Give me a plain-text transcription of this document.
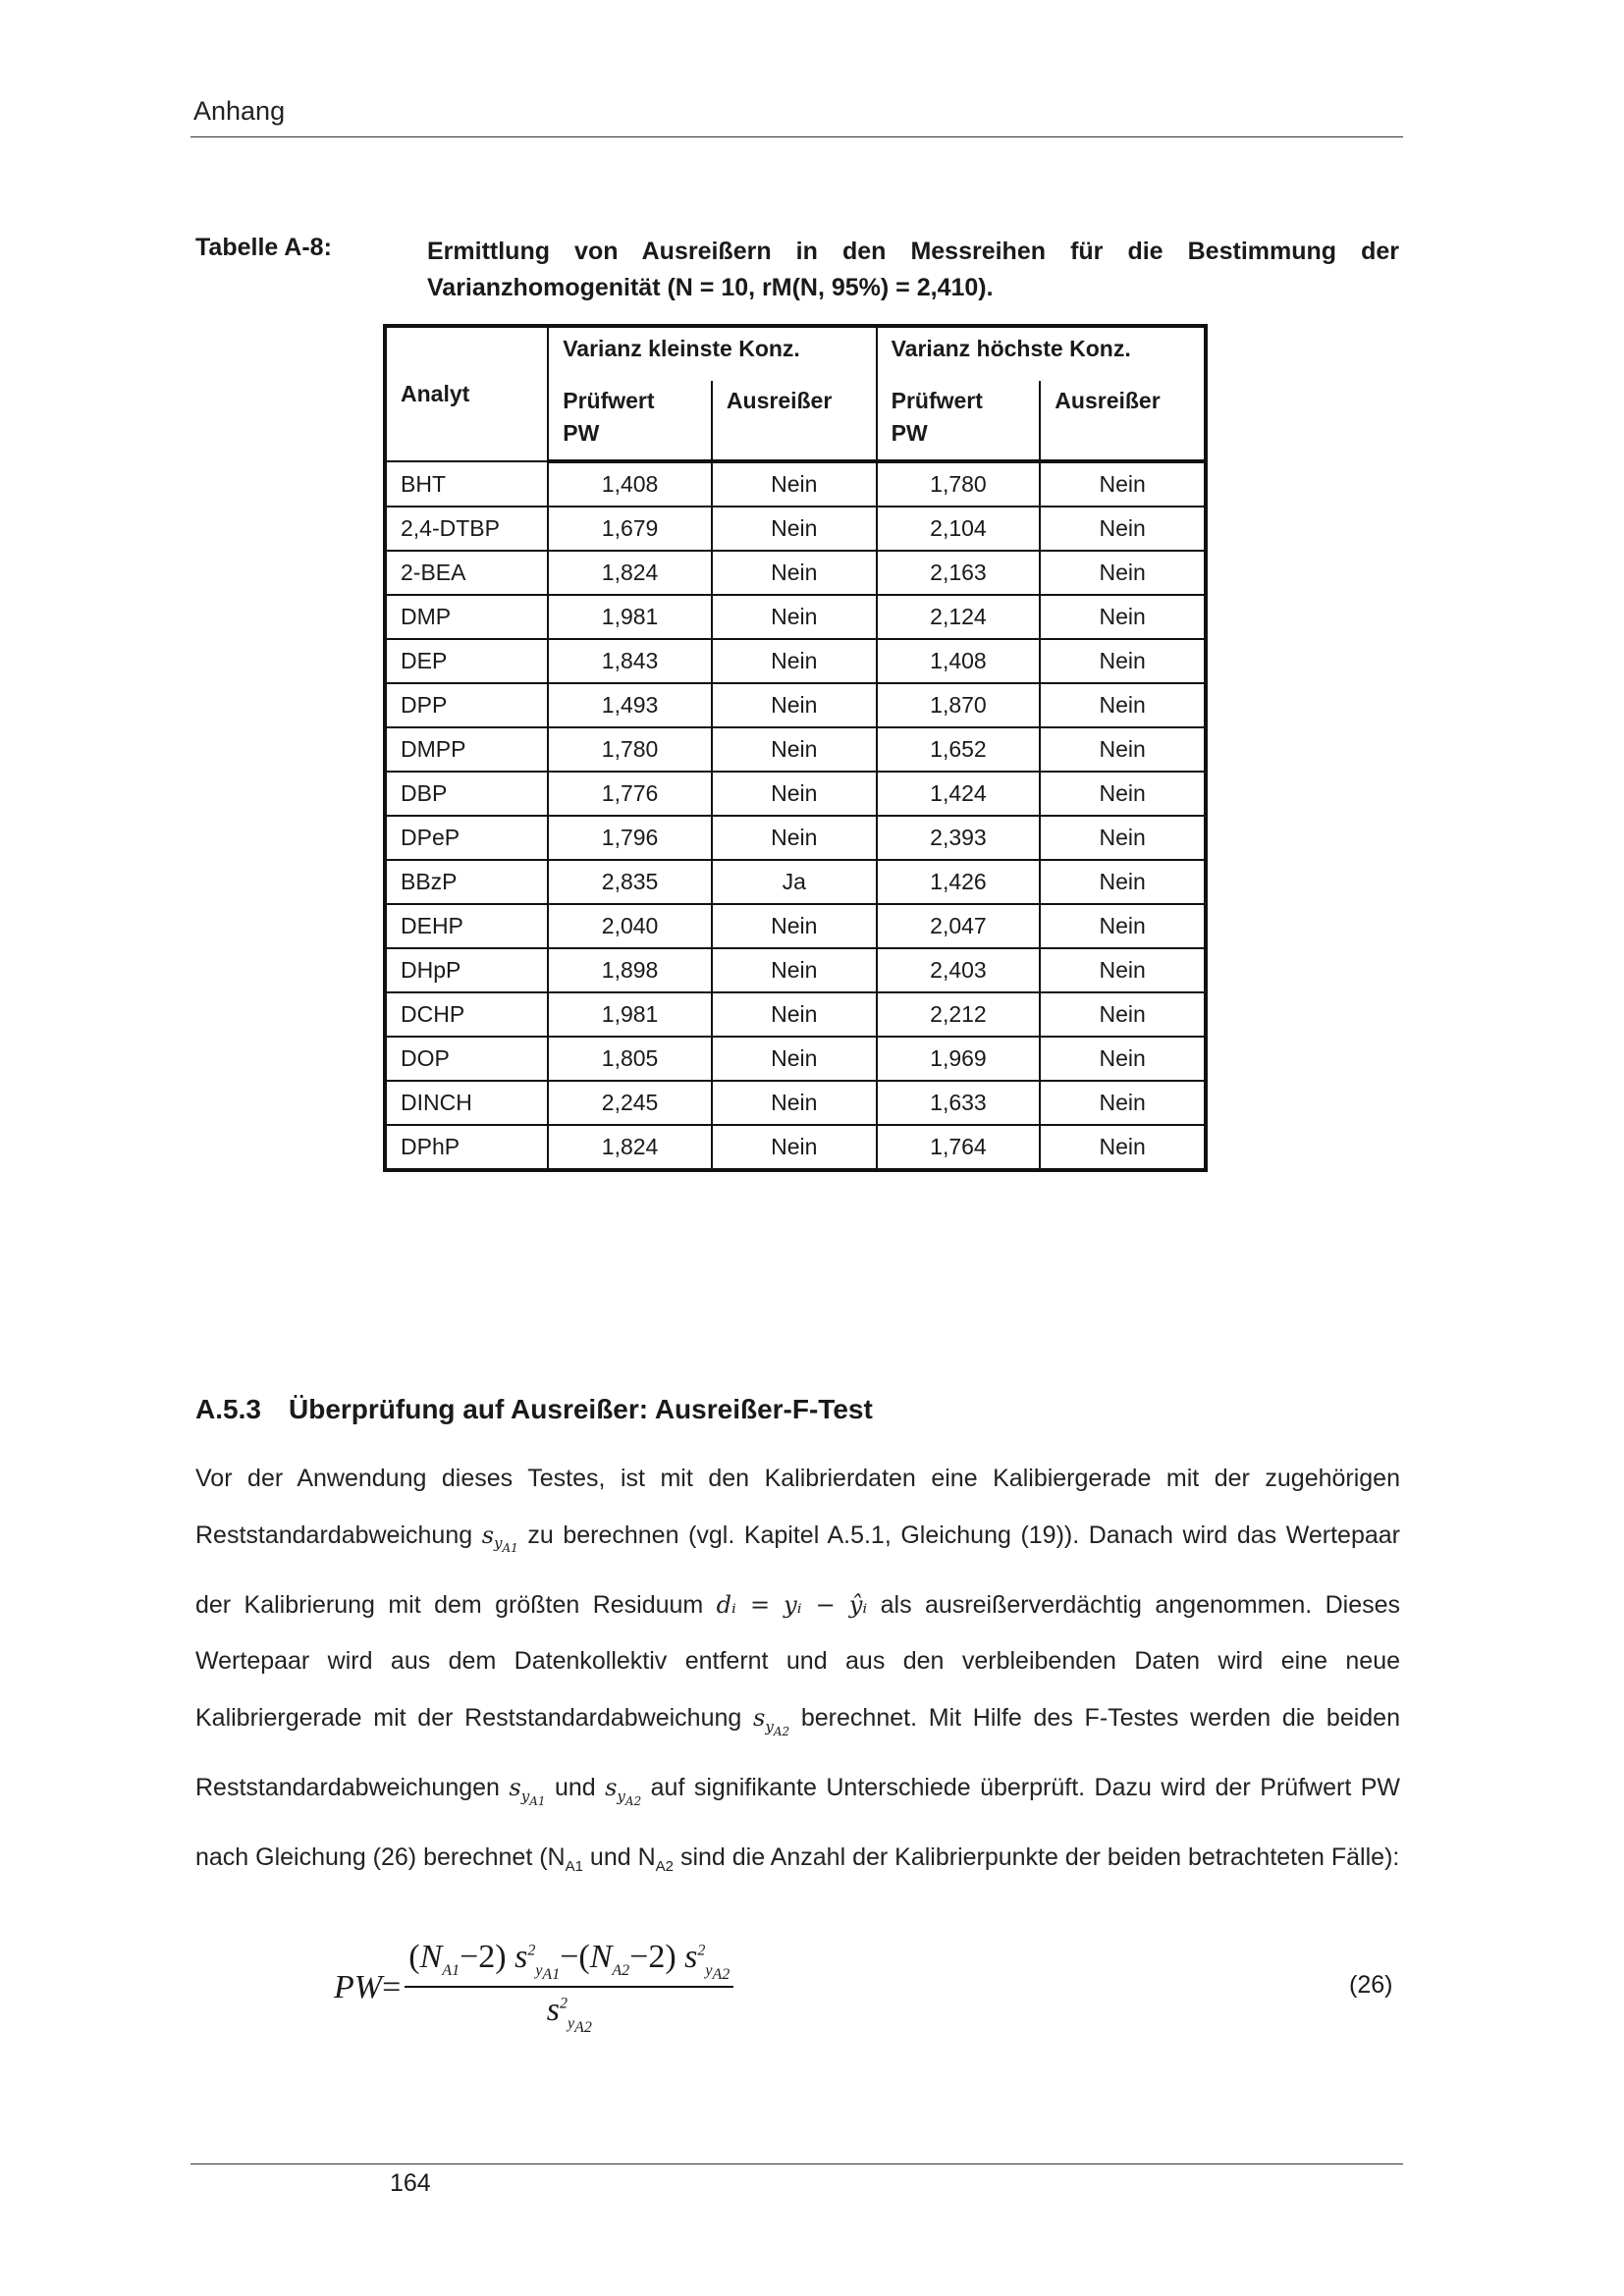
Anhang
Tabelle A-8:	Ermittlung von Ausreißern in den Messreihen für die Bestimmung der Varianzhomogenität (N = 10, rM(N, 95%) = 2,410).
Analyt	Varianz kleinste Konz.		Varianz höchste Konz.	
	Prüfwert PW	Ausreißer	Prüfwert PW	Ausreißer
BHT	1,408	Nein	1,780	Nein
2,4-DTBP	1,679	Nein	2,104	Nein
2-BEA	1,824	Nein	2,163	Nein
DMP	1,981	Nein	2,124	Nein
DEP	1,843	Nein	1,408	Nein
DPP	1,493	Nein	1,870	Nein
DMPP	1,780	Nein	1,652	Nein
DBP	1,776	Nein	1,424	Nein
DPeP	1,796	Nein	2,393	Nein
BBzP	2,835	Ja	1,426	Nein
DEHP	2,040	Nein	2,047	Nein
DHpP	1,898	Nein	2,403	Nein
DCHP	1,981	Nein	2,212	Nein
DOP	1,805	Nein	1,969	Nein
DINCH	2,245	Nein	1,633	Nein
DPhP	1,824	Nein	1,764	Nein
A.5.3 Überprüfung auf Ausreißer: Ausreißer-F-Test
Vor der Anwendung dieses Testes, ist mit den Kalibrierdaten eine Kalibiergerade mit der zugehörigen Reststandardabweichung $s_{y_{A1}}$ zu berechnen (vgl. Kapitel A.5.1, Gleichung (19)). Danach wird das Wertepaar der Kalibrierung mit dem größten Residuum dᵢ = yᵢ − ŷᵢ als ausreißerverdächtig angenommen. Dieses Wertepaar wird aus dem Datenkollektiv entfernt und aus den verbleibenden Daten wird eine neue Kalibriergerade mit der Reststandardabweichung $s_{y_{A2}}$ berechnet. Mit Hilfe des F-Testes werden die beiden Reststandardabweichungen $s_{y_{A1}}$ und $s_{y_{A2}}$ auf signifikante Unterschiede überprüft. Dazu wird der Prüfwert PW nach Gleichung (26) berechnet ($N_{A1}$ und $N_{A2}$ sind die Anzahl der Kalibrierpunkte der beiden betrachteten Fälle):
PW = $\frac{(N_{A1}-2) s^2_{y_{A1}}-(N_{A2}-2) s^2_{y_{A2}}}{s^2_{y_{A2}}}$	(26)
164
